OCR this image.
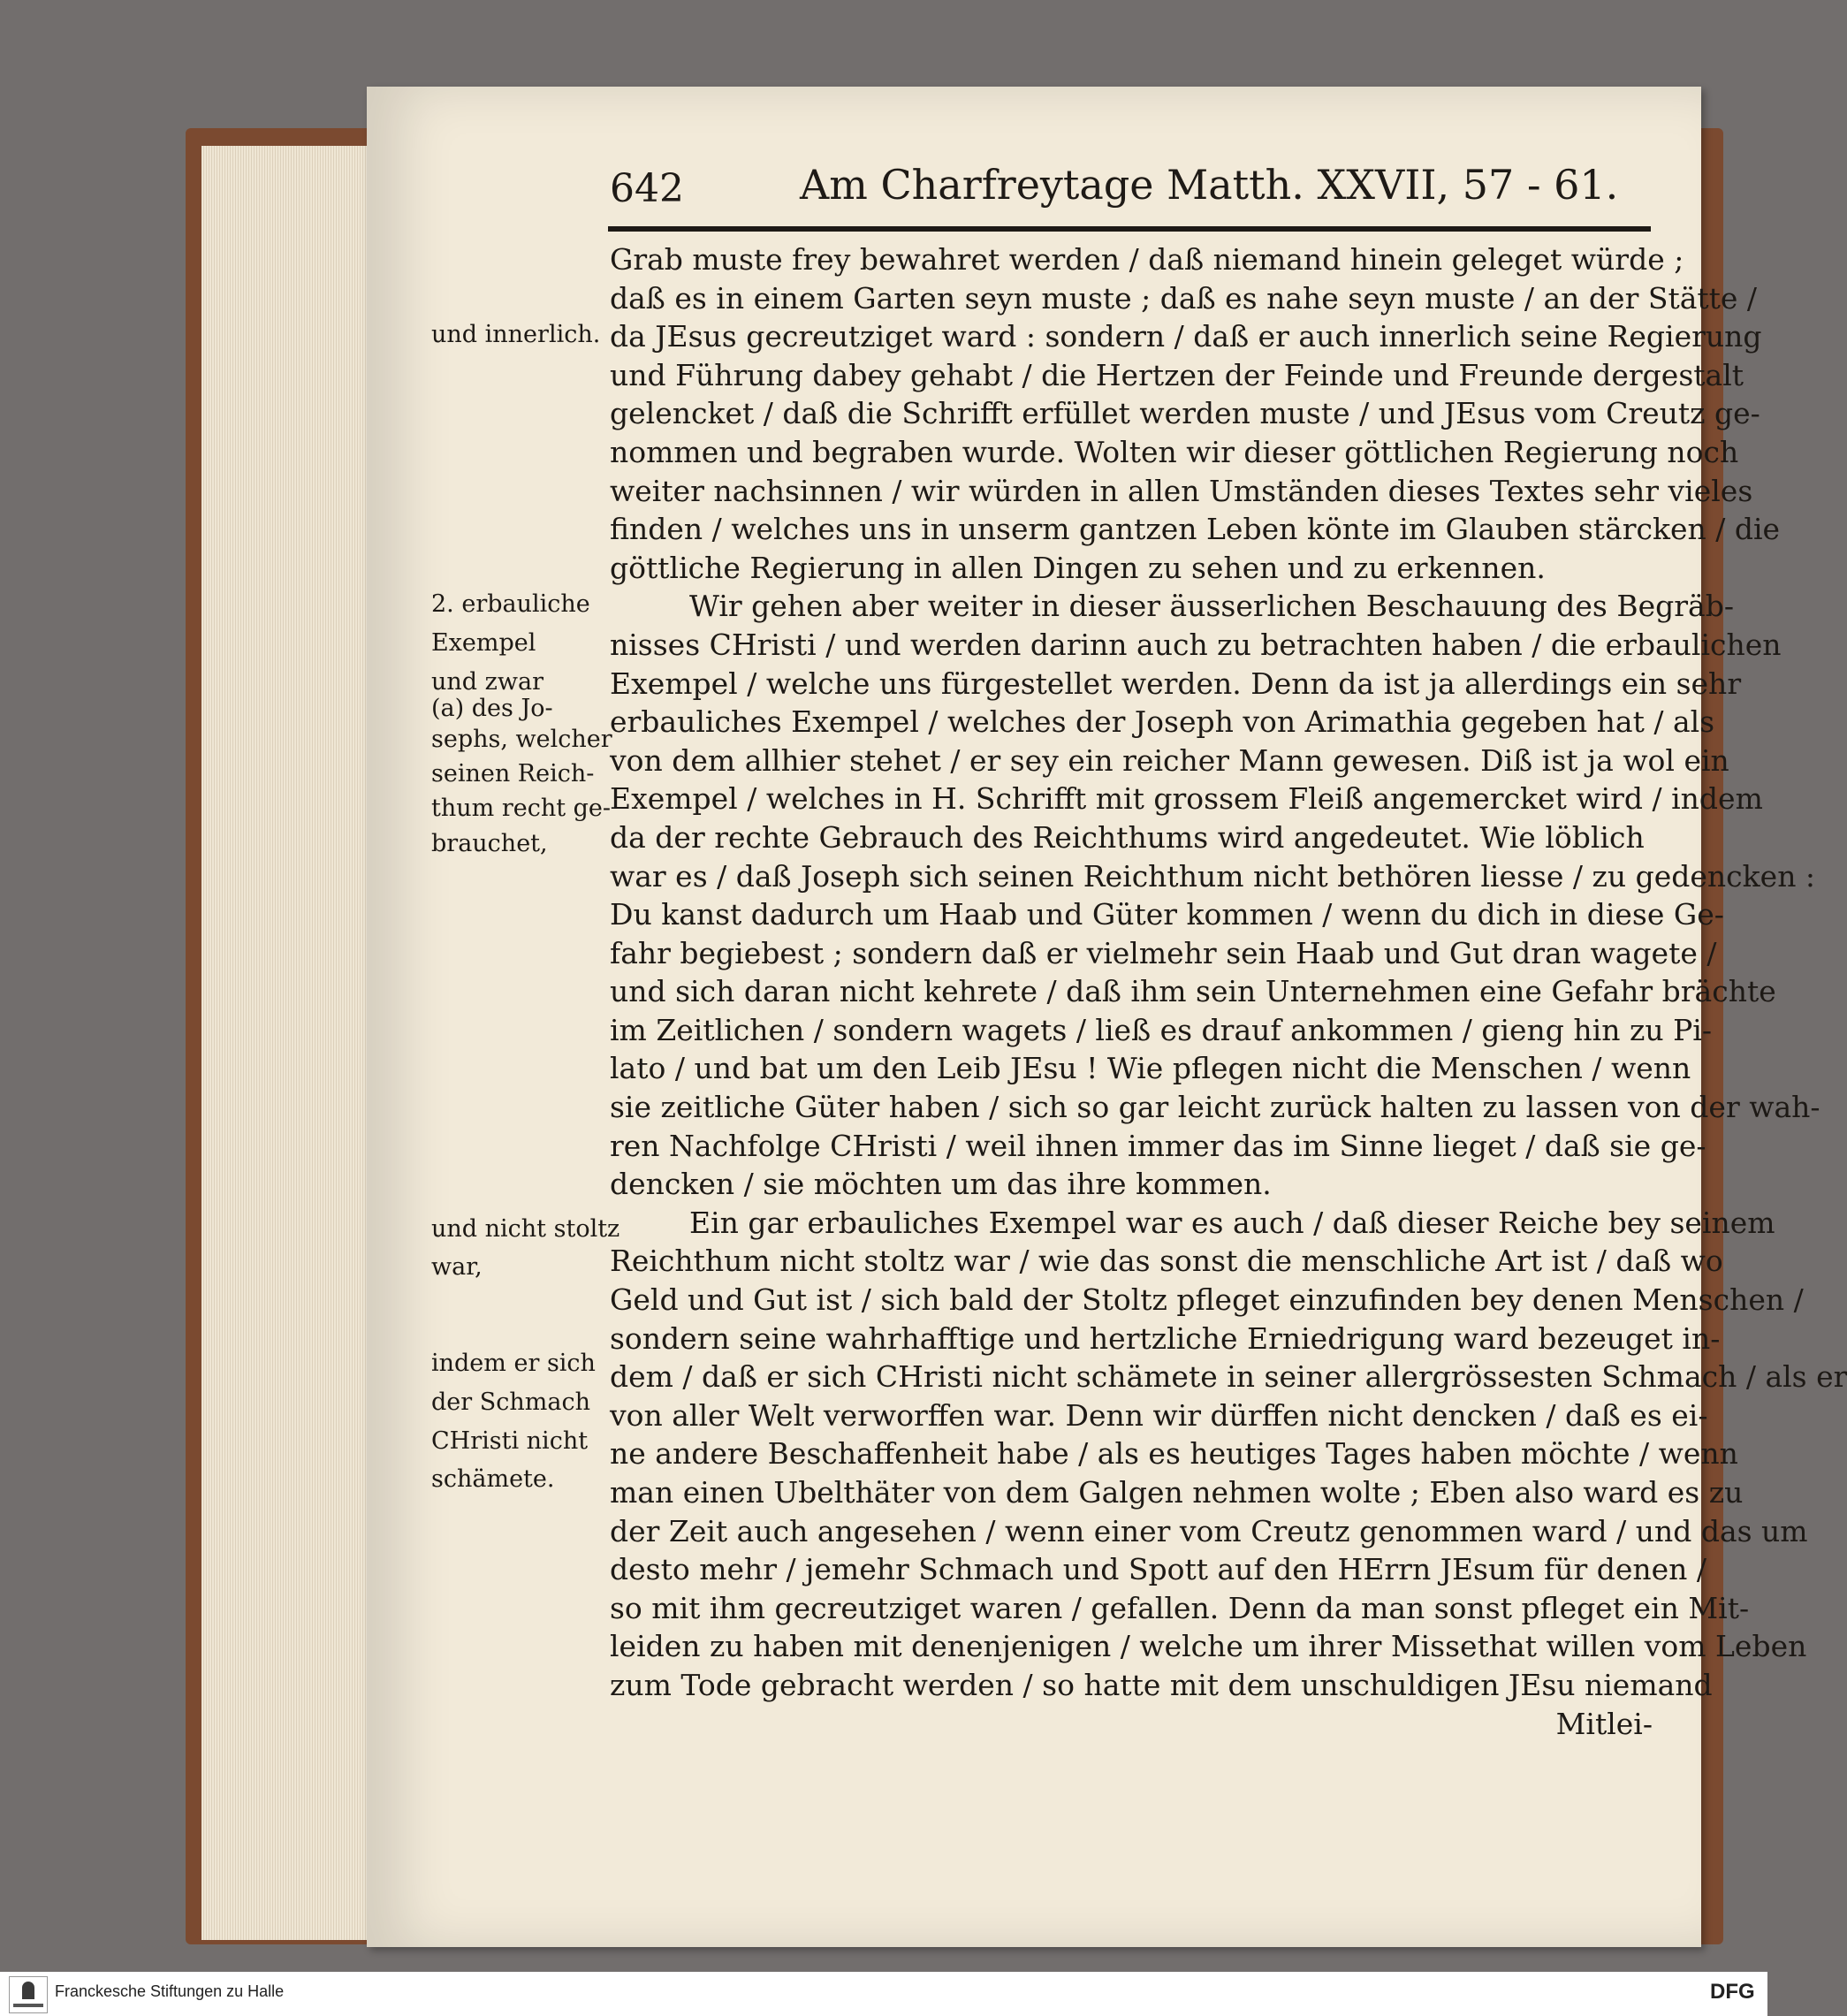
642	Am Charfreytage Matth. XXVII, 57 - 61.
und innerlich.
2. erbauliche
Exempel
und zwar
(a) des Jo-
sephs, welcher
seinen Reich-
thum recht ge-
brauchet,
und nicht stoltz
war,
indem er sich
der Schmach
CHristi nicht
schämete.
Grab muste frey bewahret werden / daß niemand hinein geleget würde ;
daß es in einem Garten seyn muste ; daß es nahe seyn muste / an der Stätte /
da JEsus gecreutziget ward : sondern / daß er auch innerlich seine Regierung
und Führung dabey gehabt / die Hertzen der Feinde und Freunde dergestalt
gelencket / daß die Schrifft erfüllet werden muste / und JEsus vom Creutz ge-
nommen und begraben wurde. Wolten wir dieser göttlichen Regierung noch
weiter nachsinnen / wir würden in allen Umständen dieses Textes sehr vieles
finden / welches uns in unserm gantzen Leben könte im Glauben stärcken / die
göttliche Regierung in allen Dingen zu sehen und zu erkennen.
Wir gehen aber weiter in dieser äusserlichen Beschauung des Begräb-
nisses CHristi / und werden darinn auch zu betrachten haben / die erbaulichen
Exempel / welche uns fürgestellet werden. Denn da ist ja allerdings ein sehr
erbauliches Exempel / welches der Joseph von Arimathia gegeben hat / als
von dem allhier stehet / er sey ein reicher Mann gewesen. Diß ist ja wol ein
Exempel / welches in H. Schrifft mit grossem Fleiß angemercket wird / indem
da der rechte Gebrauch des Reichthums wird angedeutet. Wie löblich
war es / daß Joseph sich seinen Reichthum nicht bethören liesse / zu gedencken :
Du kanst dadurch um Haab und Güter kommen / wenn du dich in diese Ge-
fahr begiebest ; sondern daß er vielmehr sein Haab und Gut dran wagete /
und sich daran nicht kehrete / daß ihm sein Unternehmen eine Gefahr brächte
im Zeitlichen / sondern wagets / ließ es drauf ankommen / gieng hin zu Pi-
lato / und bat um den Leib JEsu ! Wie pflegen nicht die Menschen / wenn
sie zeitliche Güter haben / sich so gar leicht zurück halten zu lassen von der wah-
ren Nachfolge CHristi / weil ihnen immer das im Sinne lieget / daß sie ge-
dencken / sie möchten um das ihre kommen.
Ein gar erbauliches Exempel war es auch / daß dieser Reiche bey seinem
Reichthum nicht stoltz war / wie das sonst die menschliche Art ist / daß wo
Geld und Gut ist / sich bald der Stoltz pfleget einzufinden bey denen Menschen /
sondern seine wahrhafftige und hertzliche Erniedrigung ward bezeuget in-
dem / daß er sich CHristi nicht schämete in seiner allergrössesten Schmach / als er
von aller Welt verworffen war. Denn wir dürffen nicht dencken / daß es ei-
ne andere Beschaffenheit habe / als es heutiges Tages haben möchte / wenn
man einen Ubelthäter von dem Galgen nehmen wolte ; Eben also ward es zu
der Zeit auch angesehen / wenn einer vom Creutz genommen ward / und das um
desto mehr / jemehr Schmach und Spott auf den HErrn JEsum für denen /
so mit ihm gecreutziget waren / gefallen. Denn da man sonst pfleget ein Mit-
leiden zu haben mit denenjenigen / welche um ihrer Missethat willen vom Leben
zum Tode gebracht werden / so hatte mit dem unschuldigen JEsu niemand
Mitlei-
Franckesche Stiftungen zu Halle	DFG
